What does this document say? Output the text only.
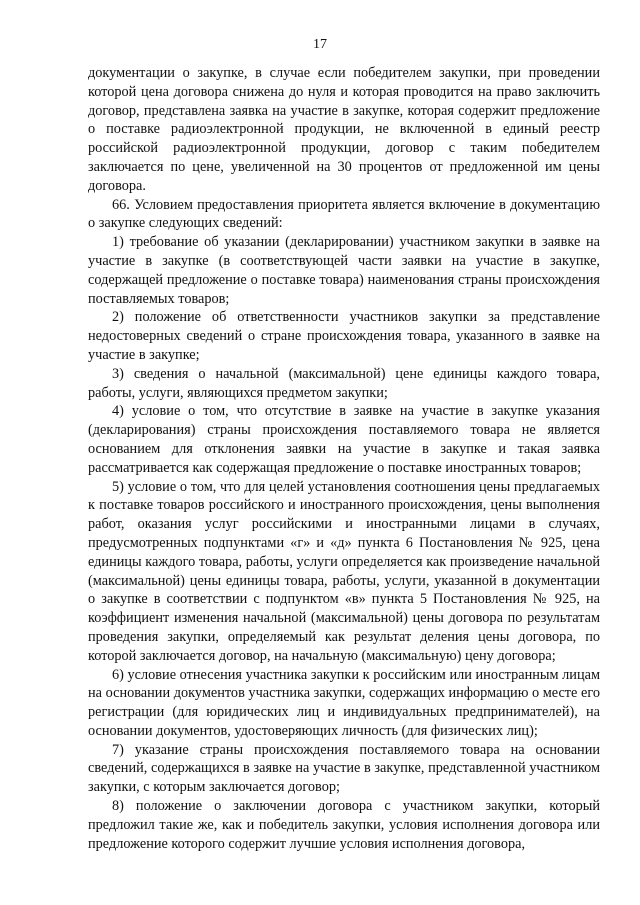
17

документации о закупке, в случае если победителем закупки, при проведении которой цена договора снижена до нуля и которая проводится на право заключить договор, представлена заявка на участие в закупке, которая содержит предложение о поставке радиоэлектронной продукции, не включенной в единый реестр российской радиоэлектронной продукции, договор с таким победителем заключается по цене, увеличенной на 30 процентов от предложенной им цены договора.

66. Условием предоставления приоритета является включение в документацию о закупке следующих сведений:

1) требование об указании (декларировании) участником закупки в заявке на участие в закупке (в соответствующей части заявки на участие в закупке, содержащей предложение о поставке товара) наименования страны происхождения поставляемых товаров;

2) положение об ответственности участников закупки за представление недостоверных сведений о стране происхождения товара, указанного в заявке на участие в закупке;

3) сведения о начальной (максимальной) цене единицы каждого товара, работы, услуги, являющихся предметом закупки;

4) условие о том, что отсутствие в заявке на участие в закупке указания (декларирования) страны происхождения поставляемого товара не является основанием для отклонения заявки на участие в закупке и такая заявка рассматривается как содержащая предложение о поставке иностранных товаров;

5) условие о том, что для целей установления соотношения цены предлагаемых к поставке товаров российского и иностранного происхождения, цены выполнения работ, оказания услуг российскими и иностранными лицами в случаях, предусмотренных подпунктами «г» и «д» пункта 6 Постановления № 925, цена единицы каждого товара, работы, услуги определяется как произведение начальной (максимальной) цены единицы товара, работы, услуги, указанной в документации о закупке в соответствии с подпунктом «в» пункта 5 Постановления № 925, на коэффициент изменения начальной (максимальной) цены договора по результатам проведения закупки, определяемый как результат деления цены договора, по которой заключается договор, на начальную (максимальную) цену договора;

6) условие отнесения участника закупки к российским или иностранным лицам на основании документов участника закупки, содержащих информацию о месте его регистрации (для юридических лиц и индивидуальных предпринимателей), на основании документов, удостоверяющих личность (для физических лиц);

7) указание страны происхождения поставляемого товара на основании сведений, содержащихся в заявке на участие в закупке, представленной участником закупки, с которым заключается договор;

8) положение о заключении договора с участником закупки, который предложил такие же, как и победитель закупки, условия исполнения договора или предложение которого содержит лучшие условия исполнения договора,
